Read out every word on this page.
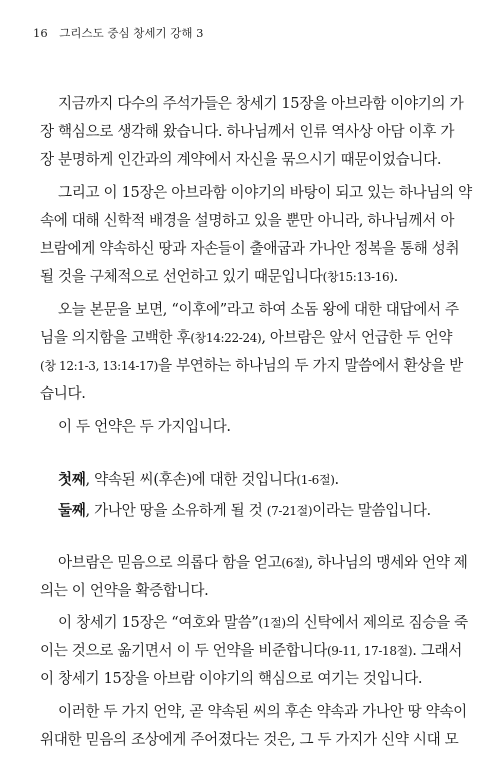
16 그리스도 중심 창세기 강해 3
지금까지 다수의 주석가들은 창세기 15장을 아브라함 이야기의 가
장 핵심으로 생각해 왔습니다. 하나님께서 인류 역사상 아담 이후 가
장 분명하게 인간과의 계약에서 자신을 묶으시기 때문이었습니다.
그리고 이 15장은 아브라함 이야기의 바탕이 되고 있는 하나님의 약
속에 대해 신학적 배경을 설명하고 있을 뿐만 아니라, 하나님께서 아
브람에게 약속하신 땅과 자손들이 출애굽과 가나안 정복을 통해 성취
될 것을 구체적으로 선언하고 있기 때문입니다(창15:13-16).
오늘 본문을 보면, “이후에”라고 하여 소돔 왕에 대한 대답에서 주
님을 의지함을 고백한 후(창14:22-24), 아브람은 앞서 언급한 두 언약
(창 12:1-3, 13:14-17)을 부연하는 하나님의 두 가지 말씀에서 환상을 받
습니다.
이 두 언약은 두 가지입니다.
첫째, 약속된 씨(후손)에 대한 것입니다(1-6절).
둘째, 가나안 땅을 소유하게 될 것 (7-21절)이라는 말씀입니다.
아브람은 믿음으로 의롭다 함을 얻고(6절), 하나님의 맹세와 언약 제
의는 이 언약을 확증합니다.
이 창세기 15장은 “여호와 말씀”(1절)의 신탁에서 제의로 짐승을 죽
이는 것으로 옮기면서 이 두 언약을 비준합니다(9-11, 17-18절). 그래서
이 창세기 15장을 아브람 이야기의 핵심으로 여기는 것입니다.
이러한 두 가지 언약, 곧 약속된 씨의 후손 약속과 가나안 땅 약속이
위대한 믿음의 조상에게 주어졌다는 것은, 그 두 가지가 신약 시대 모
